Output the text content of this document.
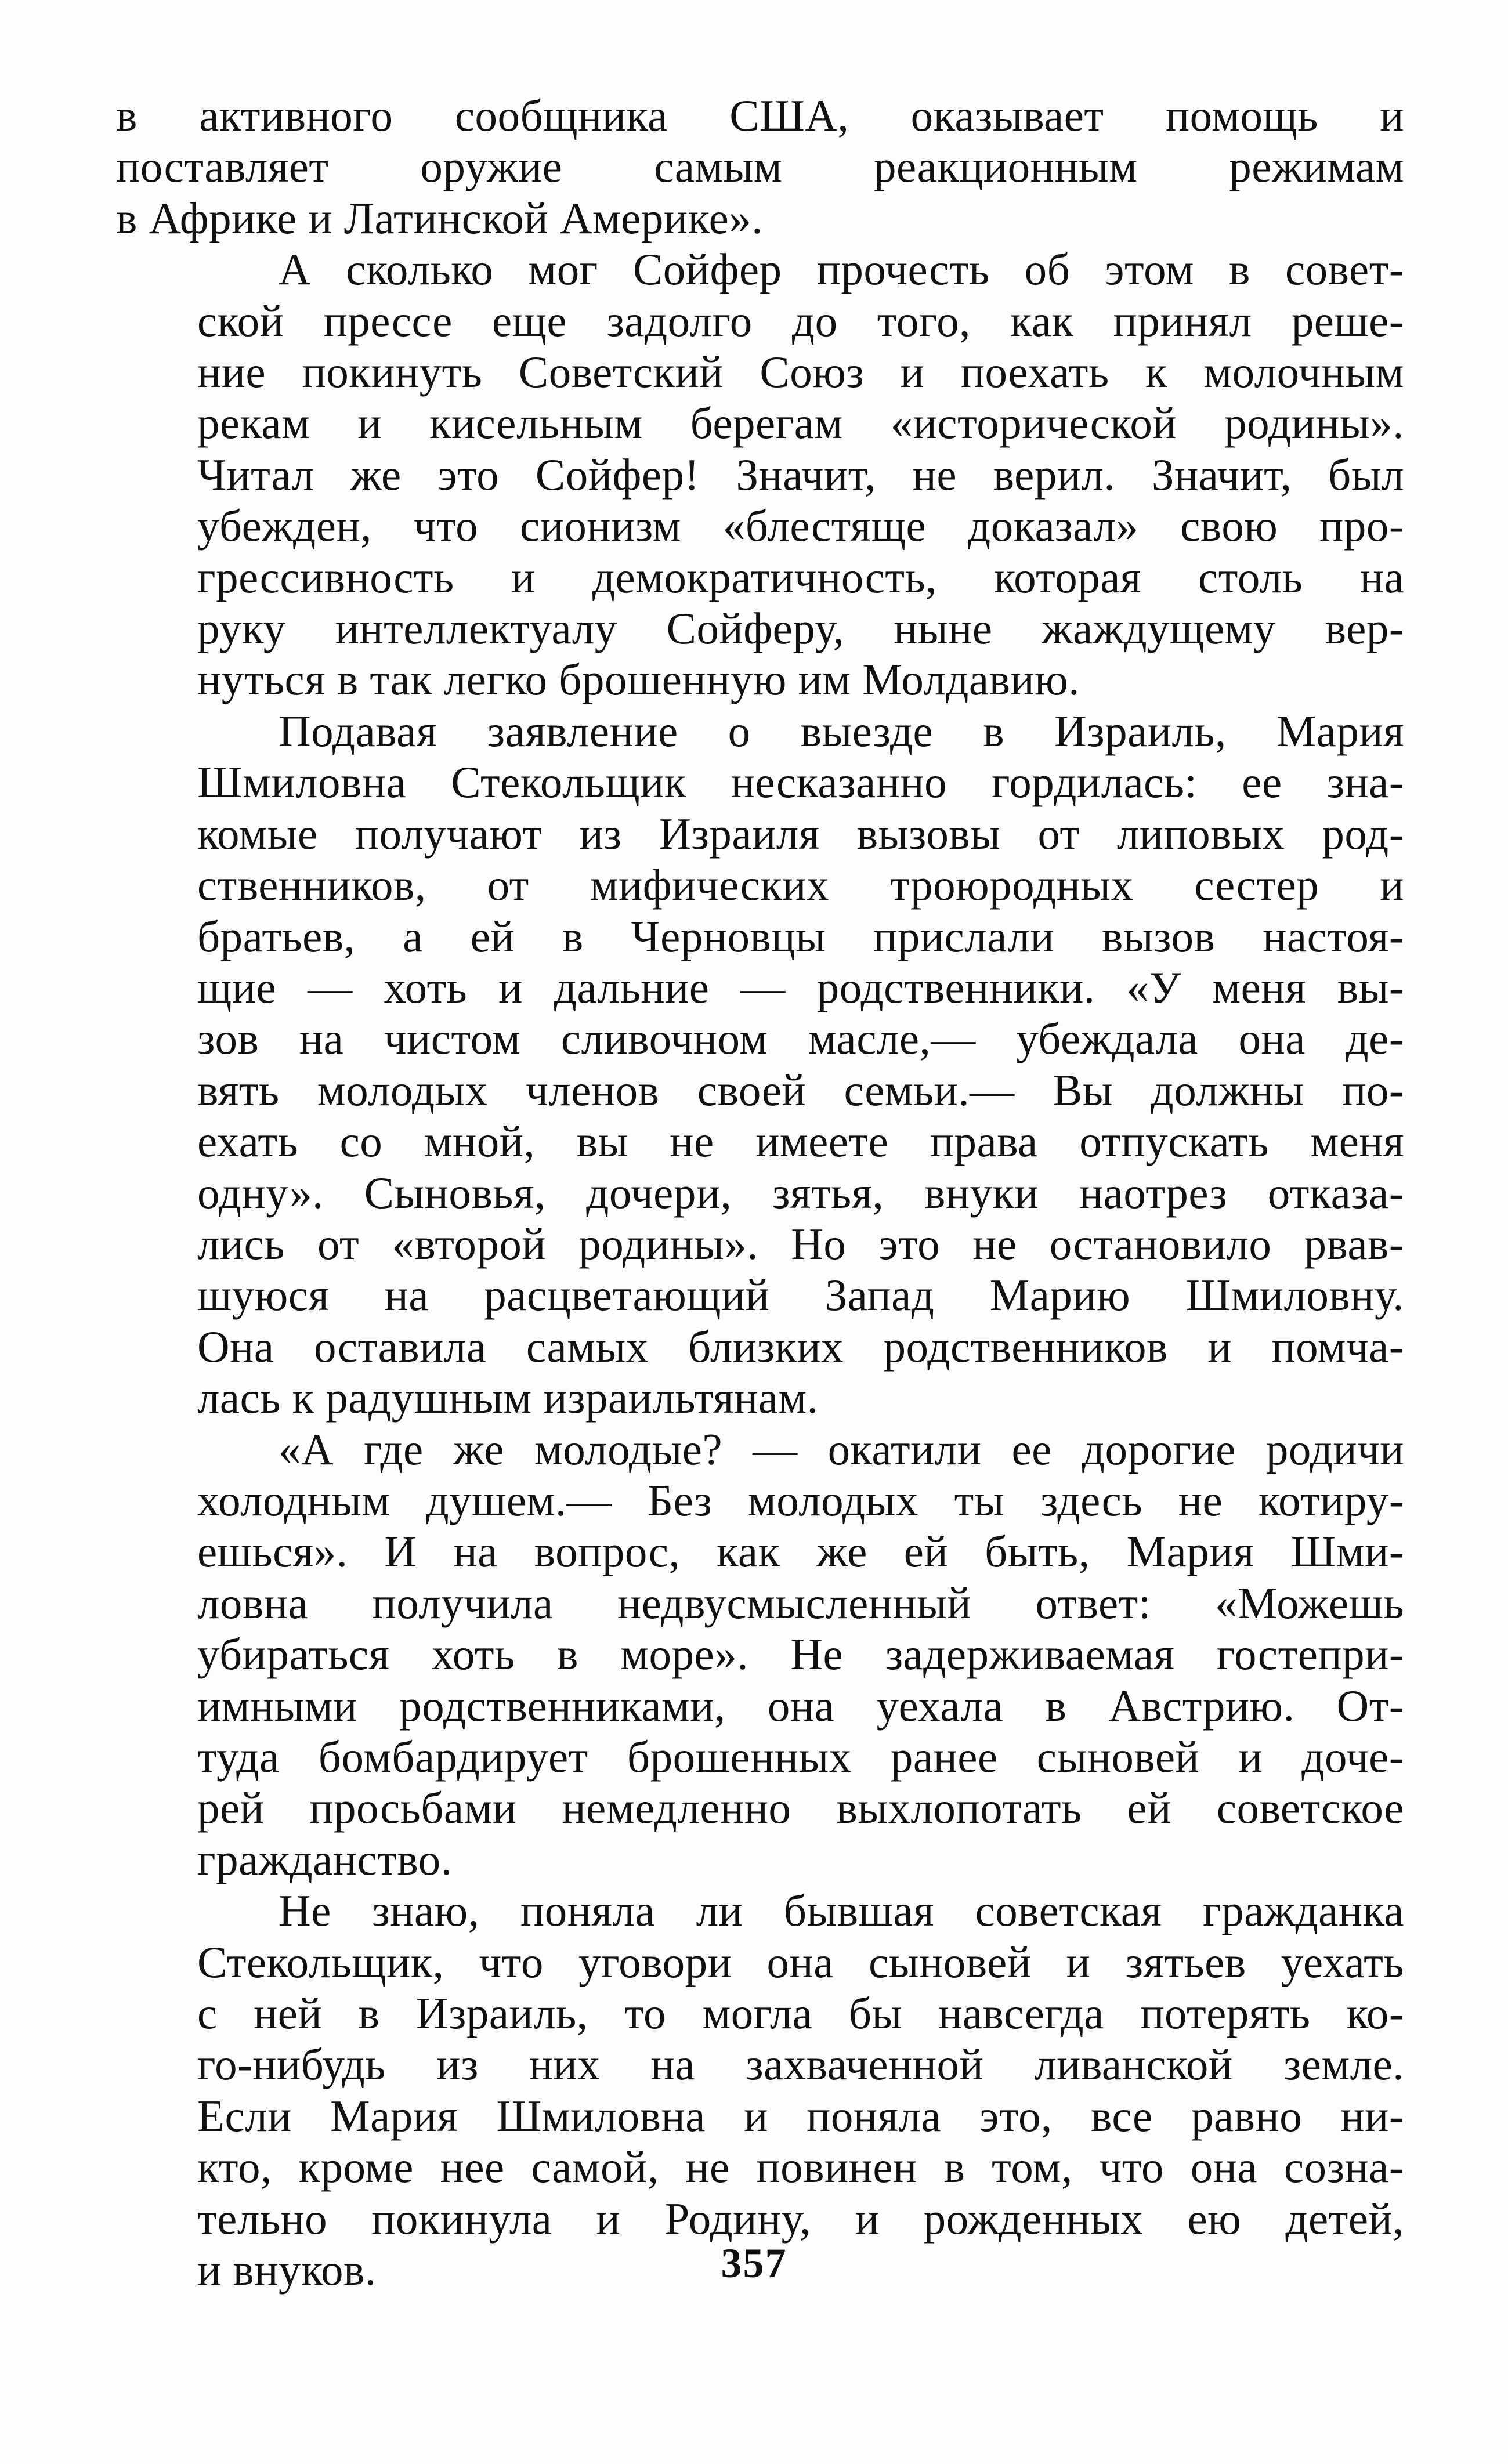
в активного сообщника США, оказывает помощь и
поставляет оружие самым реакционным режимам
в Африке и Латинской Америке».
А сколько мог Сойфер прочесть об этом в совет-
ской прессе еще задолго до того, как принял реше-
ние покинуть Советский Союз и поехать к молочным
рекам и кисельным берегам «исторической родины».
Читал же это Сойфер! Значит, не верил. Значит, был
убежден, что сионизм «блестяще доказал» свою про-
грессивность и демократичность, которая столь на
руку интеллектуалу Сойферу, ныне жаждущему вер-
нуться в так легко брошенную им Молдавию.
Подавая заявление о выезде в Израиль, Мария
Шмиловна Стекольщик несказанно гордилась: ее зна-
комые получают из Израиля вызовы от липовых род-
ственников, от мифических троюродных сестер и
братьев, а ей в Черновцы прислали вызов настоя-
щие — хоть и дальние — родственники. «У меня вы-
зов на чистом сливочном масле,— убеждала она де-
вять молодых членов своей семьи.— Вы должны по-
ехать со мной, вы не имеете права отпускать меня
одну». Сыновья, дочери, зятья, внуки наотрез отказа-
лись от «второй родины». Но это не остановило рвав-
шуюся на расцветающий Запад Марию Шмиловну.
Она оставила самых близких родственников и помча-
лась к радушным израильтянам.
«А где же молодые? — окатили ее дорогие родичи
холодным душем.— Без молодых ты здесь не котиру-
ешься». И на вопрос, как же ей быть, Мария Шми-
ловна получила недвусмысленный ответ: «Можешь
убираться хоть в море». Не задерживаемая гостепри-
имными родственниками, она уехала в Австрию. От-
туда бомбардирует брошенных ранее сыновей и доче-
рей просьбами немедленно выхлопотать ей советское
гражданство.
Не знаю, поняла ли бывшая советская гражданка
Стекольщик, что уговори она сыновей и зятьев уехать
с ней в Израиль, то могла бы навсегда потерять ко-
го-нибудь из них на захваченной ливанской земле.
Если Мария Шмиловна и поняла это, все равно ни-
кто, кроме нее самой, не повинен в том, что она созна-
тельно покинула и Родину, и рожденных ею детей,
и внуков.	357
